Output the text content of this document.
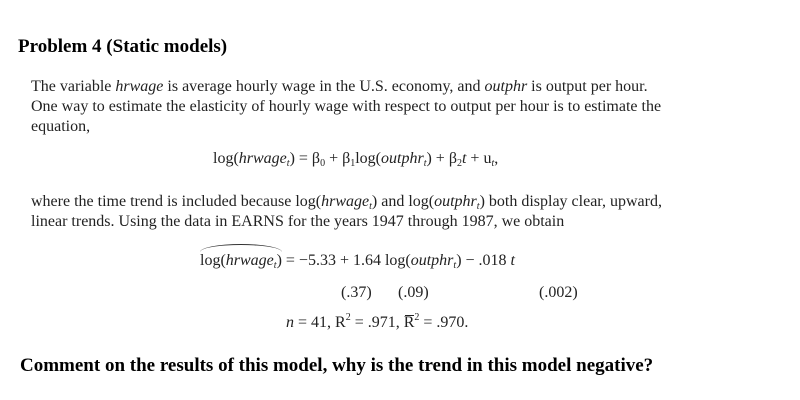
Problem 4 (Static models)
The variable hrwage is average hourly wage in the U.S. economy, and outphr is output per hour.
One way to estimate the elasticity of hourly wage with respect to output per hour is to estimate the
equation,
log(hrwage$_t$) = β0 + β1log(outphr$_t$) + $\beta 2t + u_t$,
where the time trend is included because log(hrwage$_t$) and log(outphr$_t$) both display clear, upward,
linear trends. Using the data in EARNS for the years 1947 through 1987, we obtain
log(hrwage$_t$) = −5.33 + 1.64 log(outphr$_t$) − .018 t
(.37) (.09)	(.002)
n = 41, $R^2 = .971$, $R^2 = .970$.
Comment on the results of this model, why is the trend in this model negative?
